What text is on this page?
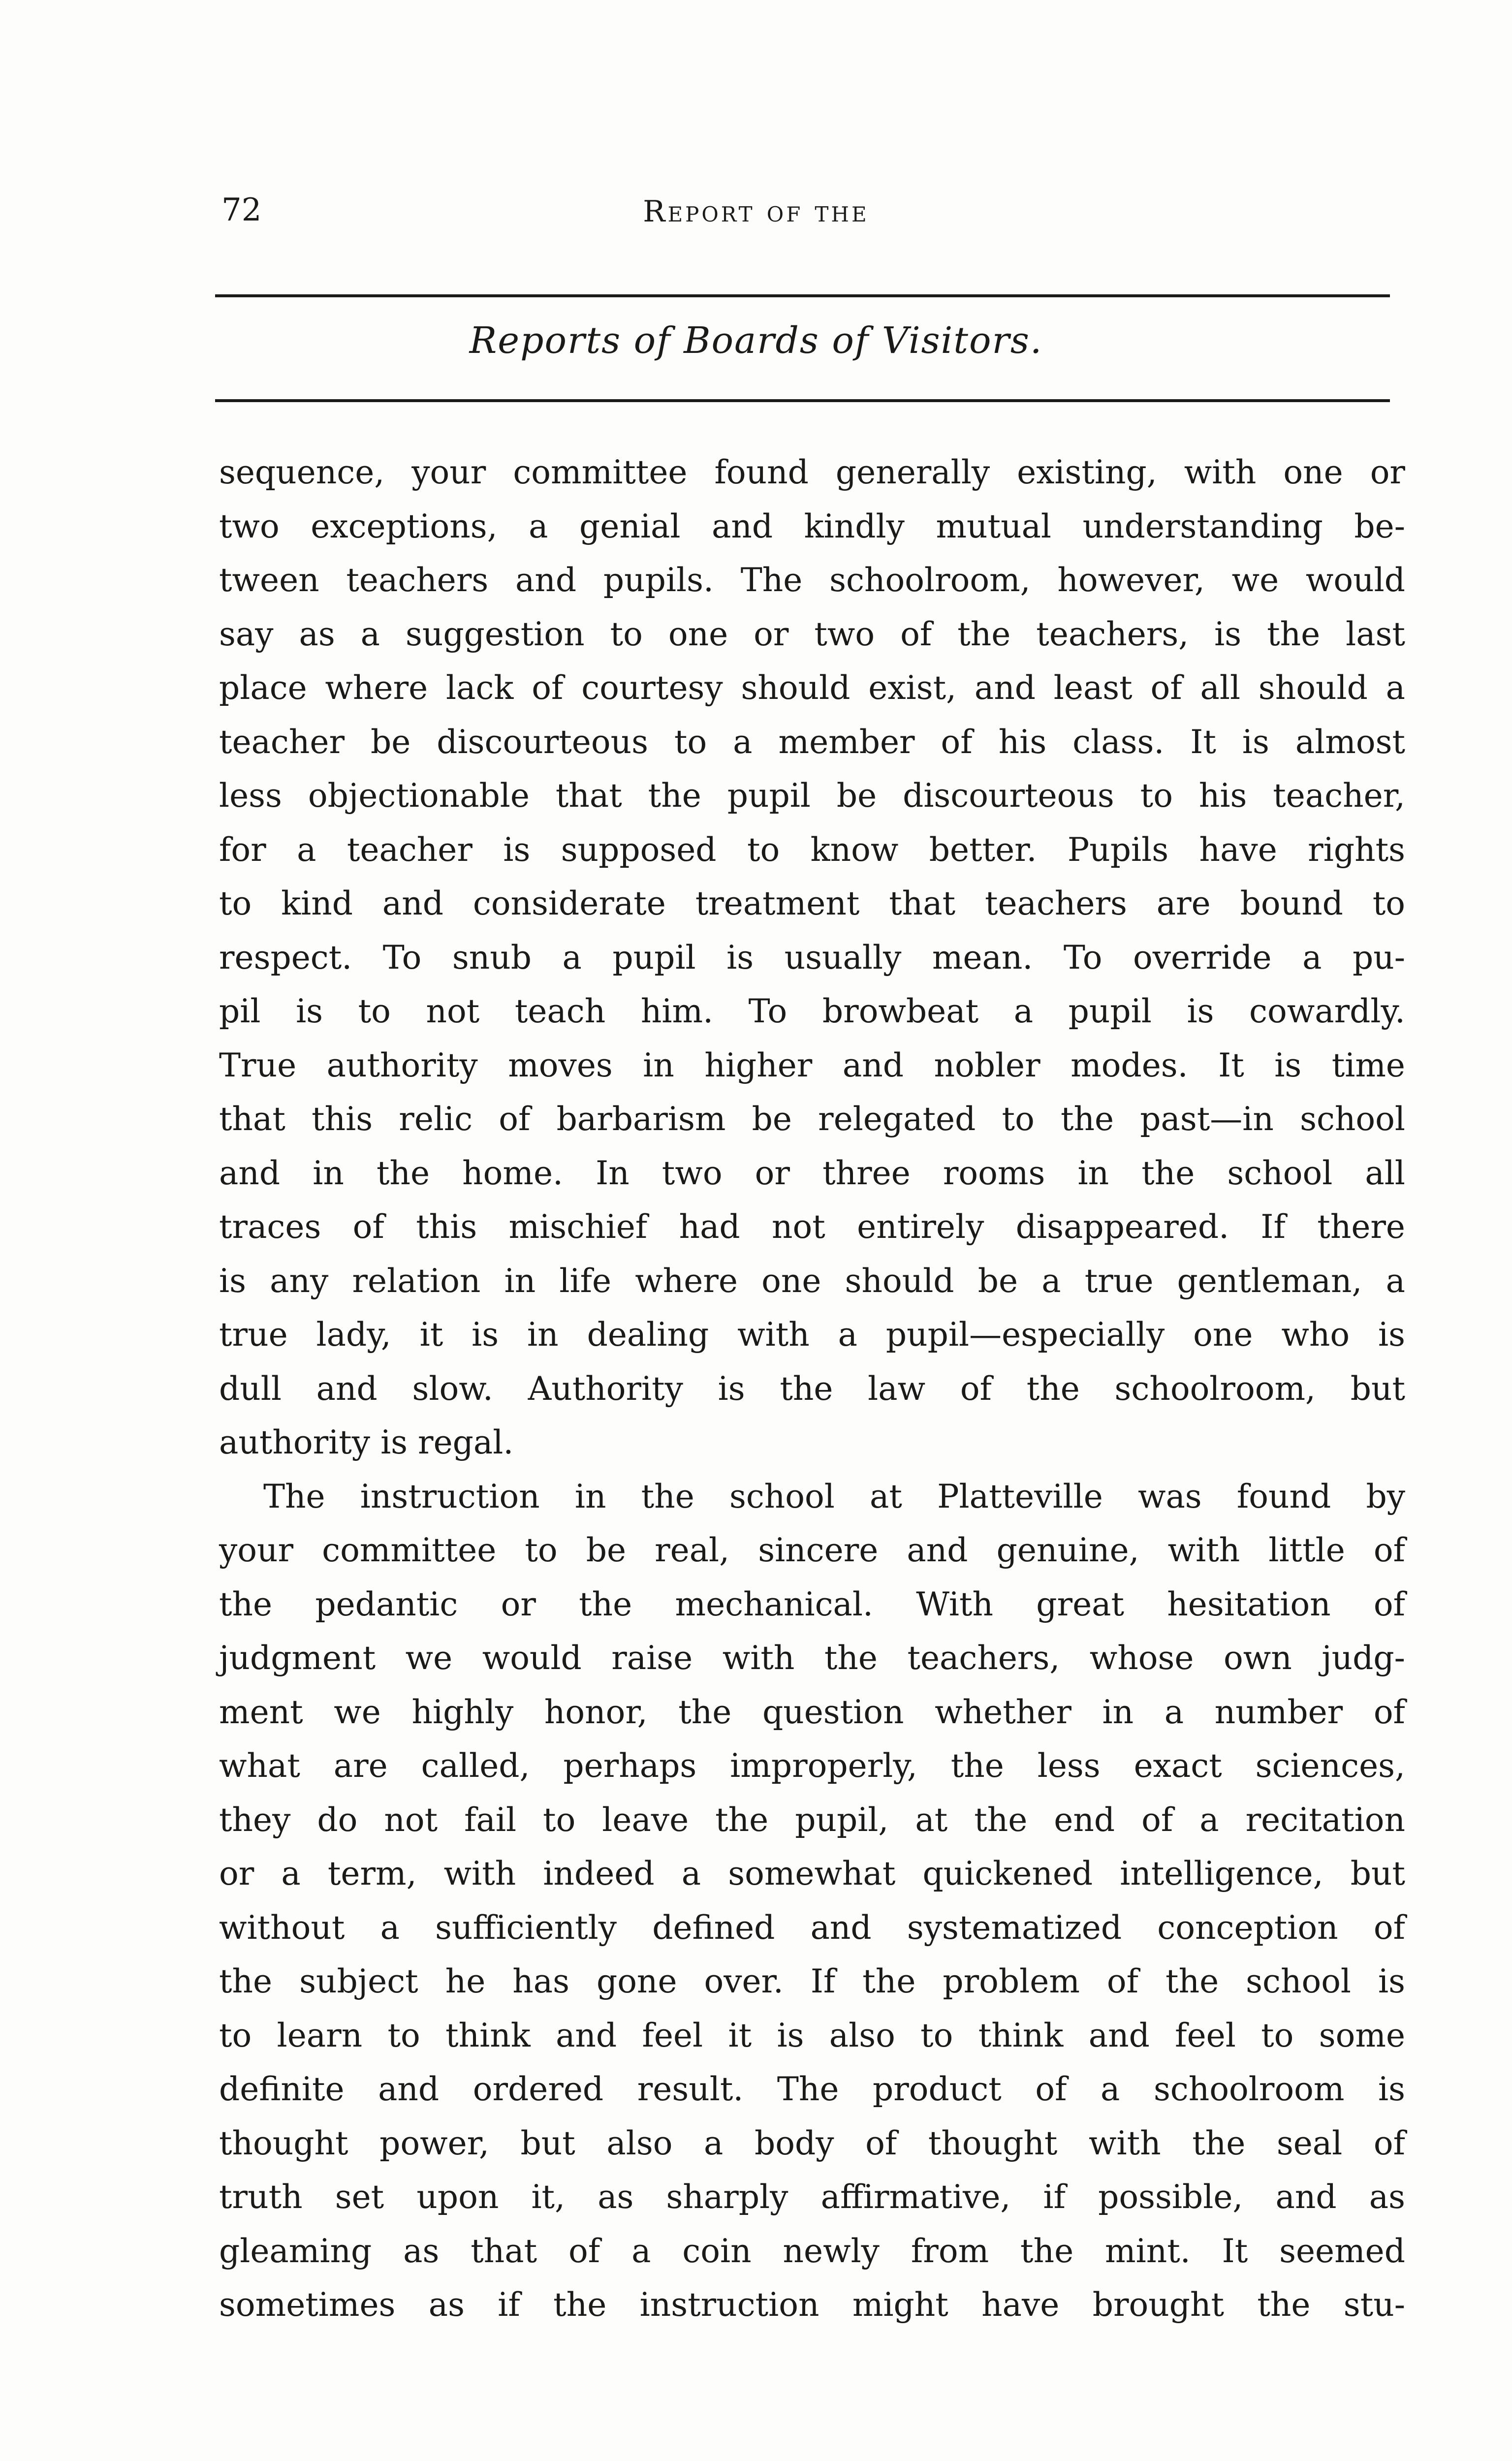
72	Report of the
Reports of Boards of Visitors.
sequence, your committee found generally existing, with one or
two exceptions, a genial and kindly mutual understanding be-
tween teachers and pupils. The schoolroom, however, we would
say as a suggestion to one or two of the teachers, is the last
place where lack of courtesy should exist, and least of all should a
teacher be discourteous to a member of his class. It is almost
less objectionable that the pupil be discourteous to his teacher,
for a teacher is supposed to know better. Pupils have rights
to kind and considerate treatment that teachers are bound to
respect. To snub a pupil is usually mean. To override a pu-
pil is to not teach him. To browbeat a pupil is cowardly.
True authority moves in higher and nobler modes. It is time
that this relic of barbarism be relegated to the past—in school
and in the home. In two or three rooms in the school all
traces of this mischief had not entirely disappeared. If there
is any relation in life where one should be a true gentleman, a
true lady, it is in dealing with a pupil—especially one who is
dull and slow. Authority is the law of the schoolroom, but
authority is regal.
The instruction in the school at Platteville was found by
your committee to be real, sincere and genuine, with little of
the pedantic or the mechanical. With great hesitation of
judgment we would raise with the teachers, whose own judg-
ment we highly honor, the question whether in a number of
what are called, perhaps improperly, the less exact sciences,
they do not fail to leave the pupil, at the end of a recitation
or a term, with indeed a somewhat quickened intelligence, but
without a sufficiently defined and systematized conception of
the subject he has gone over. If the problem of the school is
to learn to think and feel it is also to think and feel to some
definite and ordered result. The product of a schoolroom is
thought power, but also a body of thought with the seal of
truth set upon it, as sharply affirmative, if possible, and as
gleaming as that of a coin newly from the mint. It seemed
sometimes as if the instruction might have brought the stu-
